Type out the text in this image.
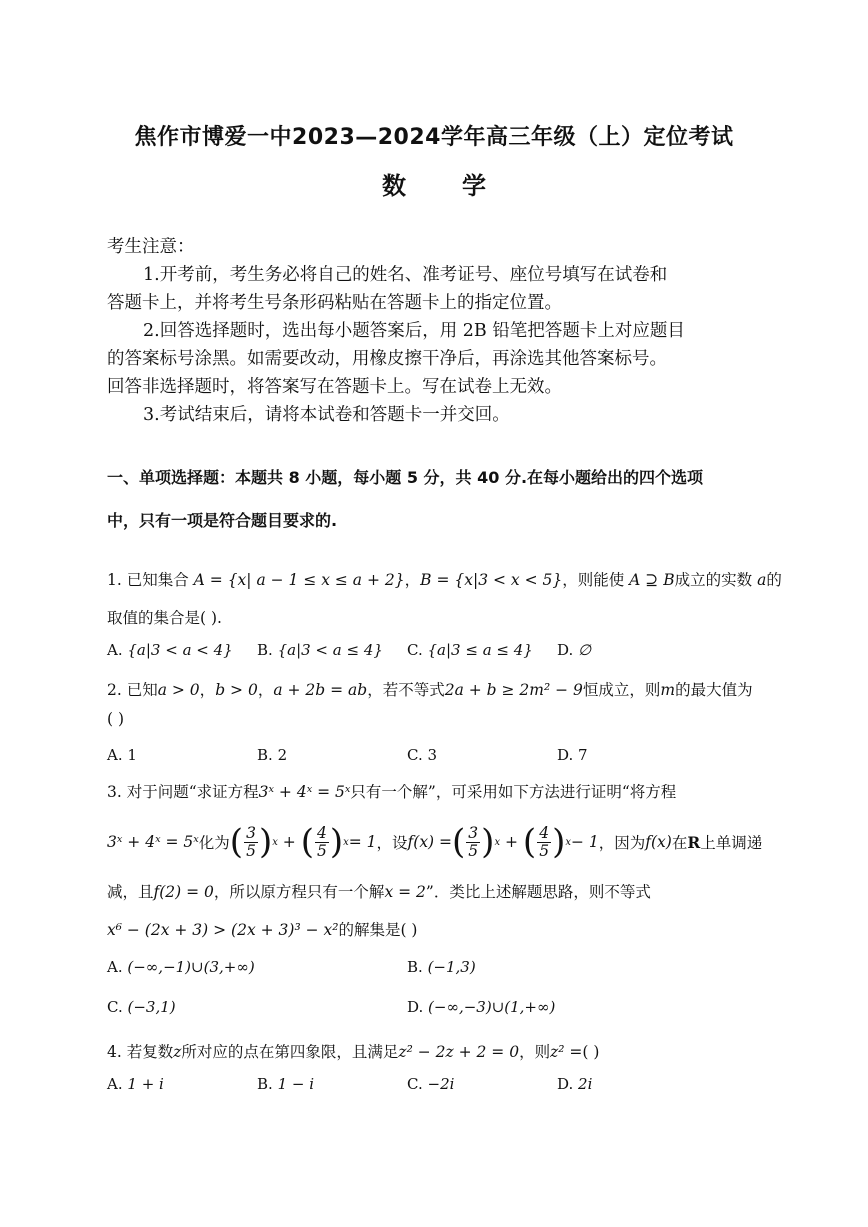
焦作市博爱一中2023—2024学年高三年级（上）定位考试
数学
考生注意：
1.开考前，考生务必将自己的姓名、准考证号、座位号填写在试卷和
答题卡上，并将考生号条形码粘贴在答题卡上的指定位置。
2.回答选择题时，选出每小题答案后，用 2B 铅笔把答题卡上对应题目
的答案标号涂黑。如需要改动，用橡皮擦干净后，再涂选其他答案标号。
回答非选择题时，将答案写在答题卡上。写在试卷上无效。
3.考试结束后，请将本试卷和答题卡一并交回。
一、单项选择题：本题共 8 小题，每小题 5 分，共 40 分.在每小题给出的四个选项
中，只有一项是符合题目要求的.
1. 已知集合 A = {x| a − 1 ≤ x ≤ a + 2}，B = {x|3 < x < 5}，则能使 A ⊇ B成立的实数 a的
取值的集合是( ).
A. {a|3 < a < 4} B. {a|3 < a ≤ 4} C. {a|3 ≤ a ≤ 4} D. ∅
2. 已知a > 0，b > 0，a + 2b = ab，若不等式2a + b ≥ 2m² − 9恒成立，则m的最大值为
( )
A. 1	B. 2	C. 3	D. 7
3. 对于问题“求证方程3ˣ + 4ˣ = 5ˣ只有一个解”，可采用如下方法进行证明“将方程
3ˣ + 4ˣ = 5ˣ 化为 ( $\frac{3}{5}$ ) x + ( $\frac{4}{5}$ ) x = 1 ，设 f(x) = ( $\frac{3}{5}$ ) x + ( $\frac{4}{5}$ ) x − 1 ，因为 f(x) 在 R 上单调递
减，且f(2) = 0，所以原方程只有一个解x = 2”．类比上述解题思路，则不等式
x⁶ − (2x + 3) > (2x + 3)³ − x²的解集是( )
A. (−∞,−1)∪(3,+∞)	B. (−1,3)
C. (−3,1)	D. (−∞,−3)∪(1,+∞)
4. 若复数z所对应的点在第四象限，且满足z² − 2z + 2 = 0，则z² =( )
A. 1 + i	B. 1 − i	C. −2i	D. 2i
